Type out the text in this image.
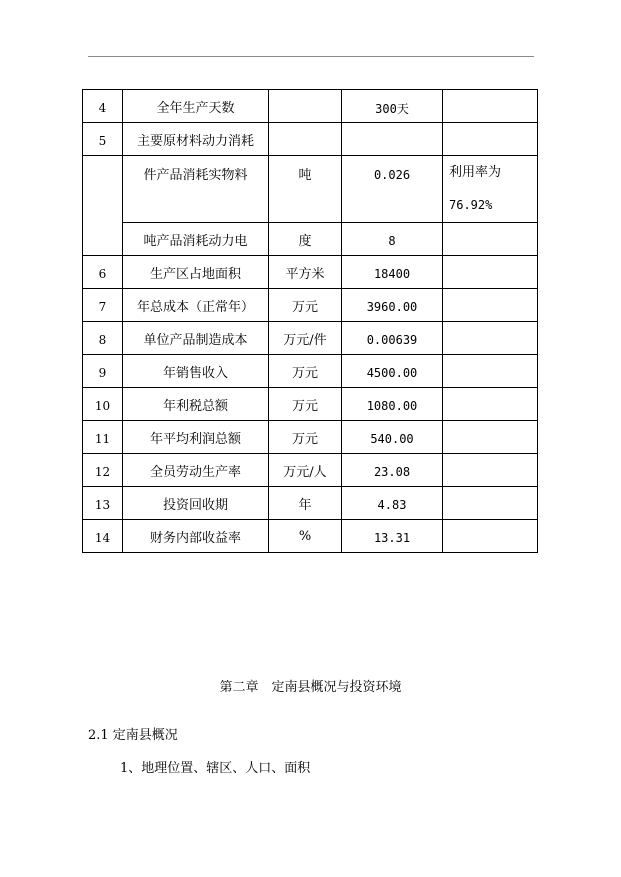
4	全年生产天数		300天	
5	主要原材料动力消耗			
	件产品消耗实物料	吨	0.026	利用率为
76.92%

	吨产品消耗动力电	度	8	
6	生产区占地面积	平方米	18400	
7	年总成本（正常年）	万元	3960.00	
8	单位产品制造成本	万元/件	0.00639	
9	年销售收入	万元	4500.00	
10	年利税总额	万元	1080.00	
11	年平均利润总额	万元	540.00	
12	全员劳动生产率	万元/人	23.08	
13	投资回收期	年	4.83	
14	财务内部收益率	%	13.31	
第二章　定南县概况与投资环境
2.1 定南县概况
1、地理位置、辖区、人口、面积
